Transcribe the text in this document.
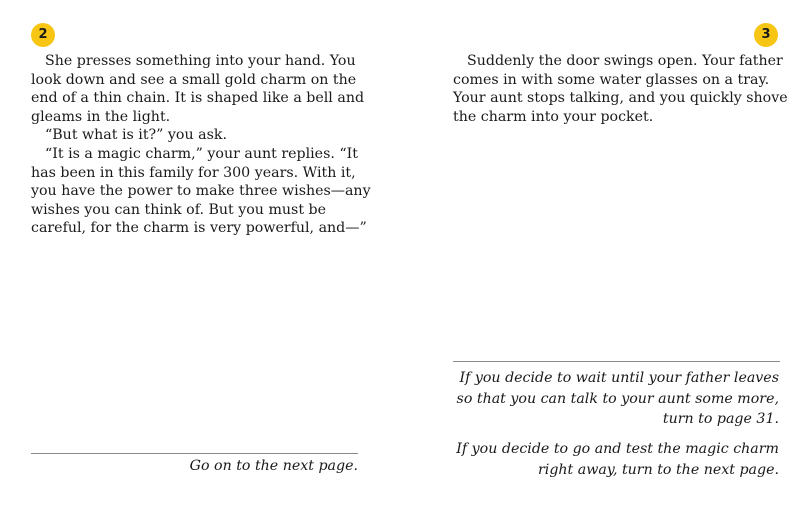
2

She presses something into your hand. You look down and see a small gold charm on the end of a thin chain. It is shaped like a bell and gleams in the light.

“But what is it?” you ask.

“It is a magic charm,” your aunt replies. “It has been in this family for 300 years. With it, you have the power to make three wishes—any wishes you can think of. But you must be careful, for the charm is very powerful, and—”

Go on to the next page.

3

Suddenly the door swings open. Your father comes in with some water glasses on a tray. Your aunt stops talking, and you quickly shove the charm into your pocket.

If you decide to wait until your father leaves so that you can talk to your aunt some more, turn to page 31.

If you decide to go and test the magic charm right away, turn to the next page.
